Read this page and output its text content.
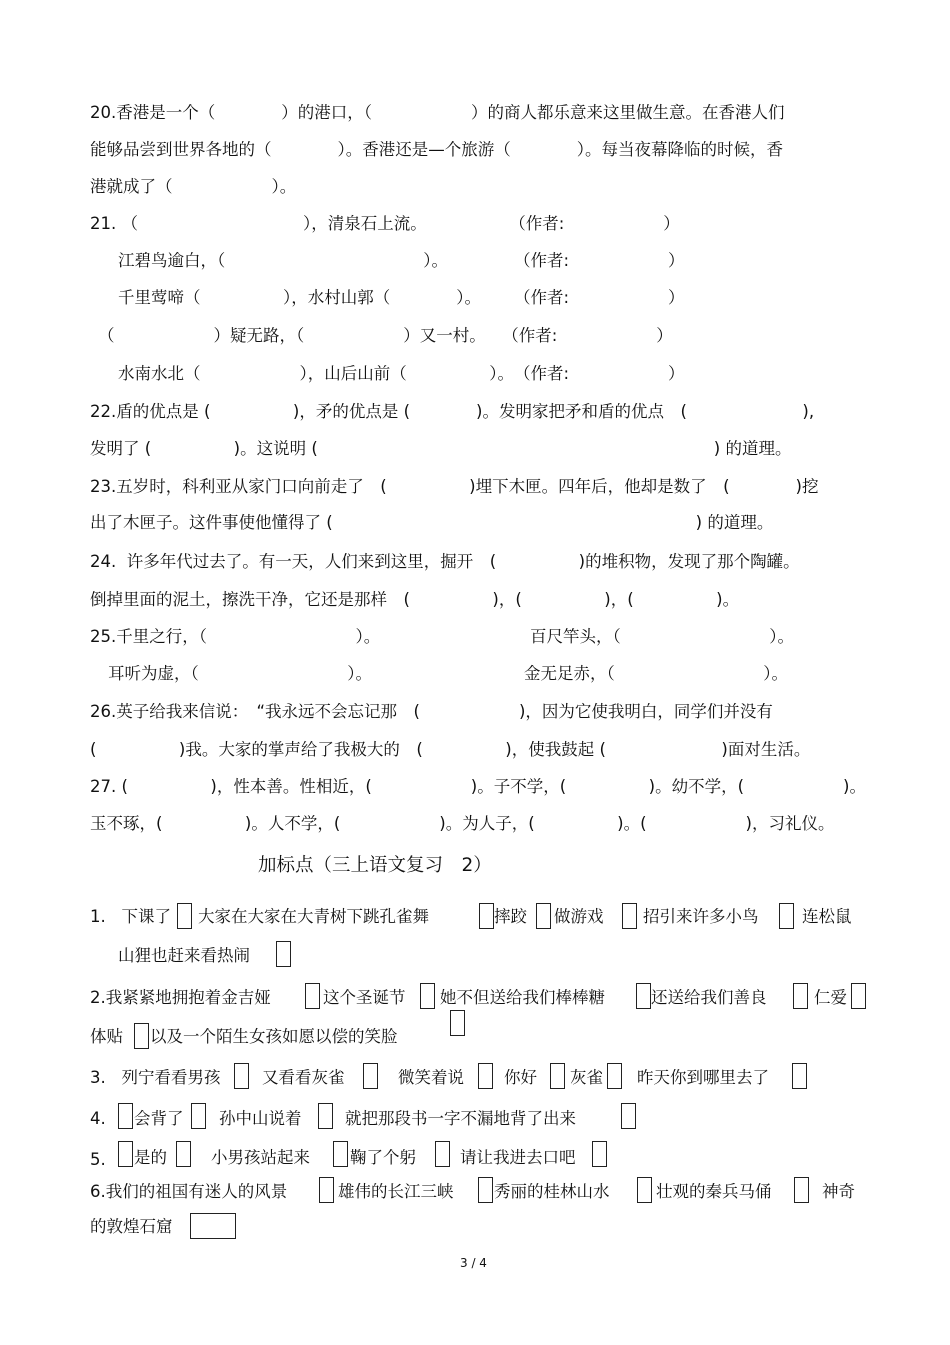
20.香港是一个（　　　　）的港口，（　　　　　　）的商人都乐意来这里做生意。在香港人们
能够品尝到世界各地的（　　　　）。香港还是—个旅游（　　　　）。每当夜幕降临的时候，香
港就成了（　　　　　　）。
21. （　　　　　　　　　　），清泉石上流。　　　　　　（作者:　　　　　　）
江碧鸟逾白，（　　　　　　　　　　　　）。　　　　　（作者:　　　　　　）
千里莺啼（　　　　　），水村山郭（　　　　）。　　　（作者:　　　　　　）
（　　　　　　）疑无路，（　　　　　　）又一村。　　（作者:　　　　　　）
水南水北（　　　　　　），山后山前（　　　　　）。　（作者:　　　　　　）
22.盾的优点是 (　　　　　)，矛的优点是 (　　　　)。发明家把矛和盾的优点　(　　　　　　　),
发明了 (　　　　　)。这说明 (　　　　　　　　　　　　　　　　　　　　　　　　) 的道理。
23.五岁时，科利亚从家门口向前走了　(　　　　　)埋下木匣。四年后，他却是数了　(　　　　)挖
出了木匣子。这件事使他懂得了 (　　　　　　　　　　　　　　　　　　　　　　) 的道理。
24.  许多年代过去了。有一天，人们来到这里，掘开　(　　　　　)的堆积物，发现了那个陶罐。
倒掉里面的泥土，擦洗干净，它还是那样　(　　　　　)，(　　　　　)，(　　　　　)。
25.千里之行，（　　　　　　　　　）。	百尺竿头，（　　　　　　　　　）。
耳听为虚，（　　　　　　　　　）。	金无足赤，（　　　　　　　　　）。
26.英子给我来信说：　“我永远不会忘记那　(　　　　　　)，因为它使我明白，同学们并没有
(　　　　　)我。大家的掌声给了我极大的　(　　　　　)，使我鼓起 (　　　　　　　)面对生活。
27. (　　　　　)，性本善。性相近，(　　　　　　)。子不学，(　　　　　)。幼不学，(　　　　　　)。
玉不琢，(　　　　　)。人不学，(　　　　　　)。为人子，(　　　　　)。(　　　　　　)，习礼仪。
加标点（三上语文复习　2）
1.   下课了 大家在大家在大青树下跳孔雀舞	摔跤 做游戏 招引来许多小鸟	连松鼠
山狸也赶来看热闹
2.我紧紧地拥抱着金吉娅	这个圣诞节 她不但送给我们棒棒糖	还送给我们善良	仁爱
体贴 以及一个陌生女孩如愿以偿的笑脸
3.   列宁看看男孩	又看看灰雀	微笑着说 你好 灰雀 昨天你到哪里去了
4. 会背了 孙中山说着	就把那段书一字不漏地背了出来
5. 是的	小男孩站起来 鞠了个躬	请让我进去口吧
6.我们的祖国有迷人的风景	雄伟的长江三峡 秀丽的桂林山水	壮观的秦兵马俑	神奇
的敦煌石窟
3 / 4
